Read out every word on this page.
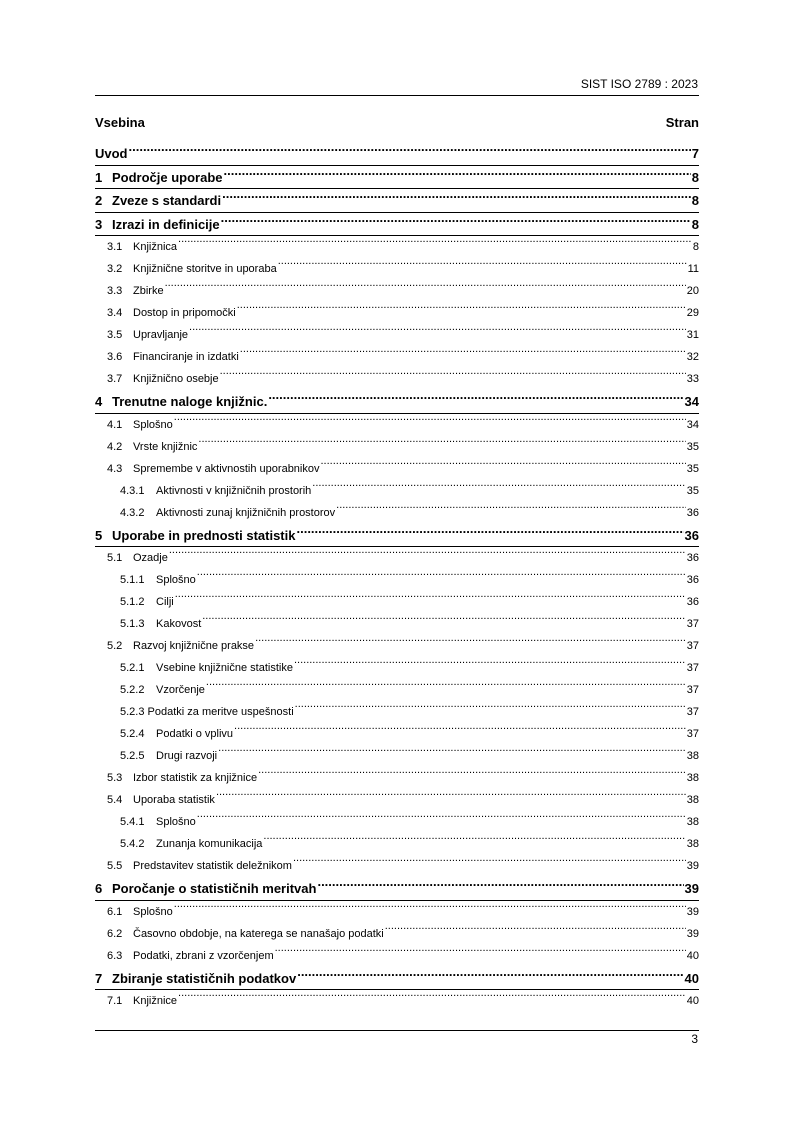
SIST ISO 2789 : 2023
Vsebina	Stran
Uvod .....	7
1 Področje uporabe .....	8
2 Zveze s standardi .....	8
3 Izrazi in definicije .....	8
3.1 Knjižnica .....	8
3.2 Knjižnične storitve in uporaba .....	11
3.3 Zbirke .....	20
3.4 Dostop in pripomočki .....	29
3.5 Upravljanje .....	31
3.6 Financiranje in izdatki .....	32
3.7 Knjižnično osebje .....	33
4 Trenutne naloge knjižnic. .....	34
4.1 Splošno .....	34
4.2 Vrste knjižnic .....	35
4.3 Spremembe v aktivnostih uporabnikov .....	35
4.3.1	Aktivnosti v knjižničnih prostorih .....	35
4.3.2	Aktivnosti zunaj knjižničnih prostorov .....	36
5 Uporabe in prednosti statistik .....	36
5.1 Ozadje .....	36
5.1.1	Splošno .....	36
5.1.2	Cilji .....	36
5.1.3	Kakovost .....	37
5.2 Razvoj knjižnične prakse .....	37
5.2.1	Vsebine knjižnične statistike .....	37
5.2.2	Vzorčenje .....	37
5.2.3 Podatki za meritve uspešnosti .....	37
5.2.4	Podatki o vplivu .....	37
5.2.5	Drugi razvoji .....	38
5.3 Izbor statistik za knjižnice .....	38
5.4 Uporaba statistik .....	38
5.4.1	Splošno .....	38
5.4.2	Zunanja komunikacija .....	38
5.5 Predstavitev statistik deležnikom .....	39
6 Poročanje o statističnih meritvah .....	39
6.1 Splošno .....	39
6.2 Časovno obdobje, na katerega se nanašajo podatki .....	39
6.3 Podatki, zbrani z vzorčenjem .....	40
7 Zbiranje statističnih podatkov .....	40
7.1 Knjižnice .....	40
3
